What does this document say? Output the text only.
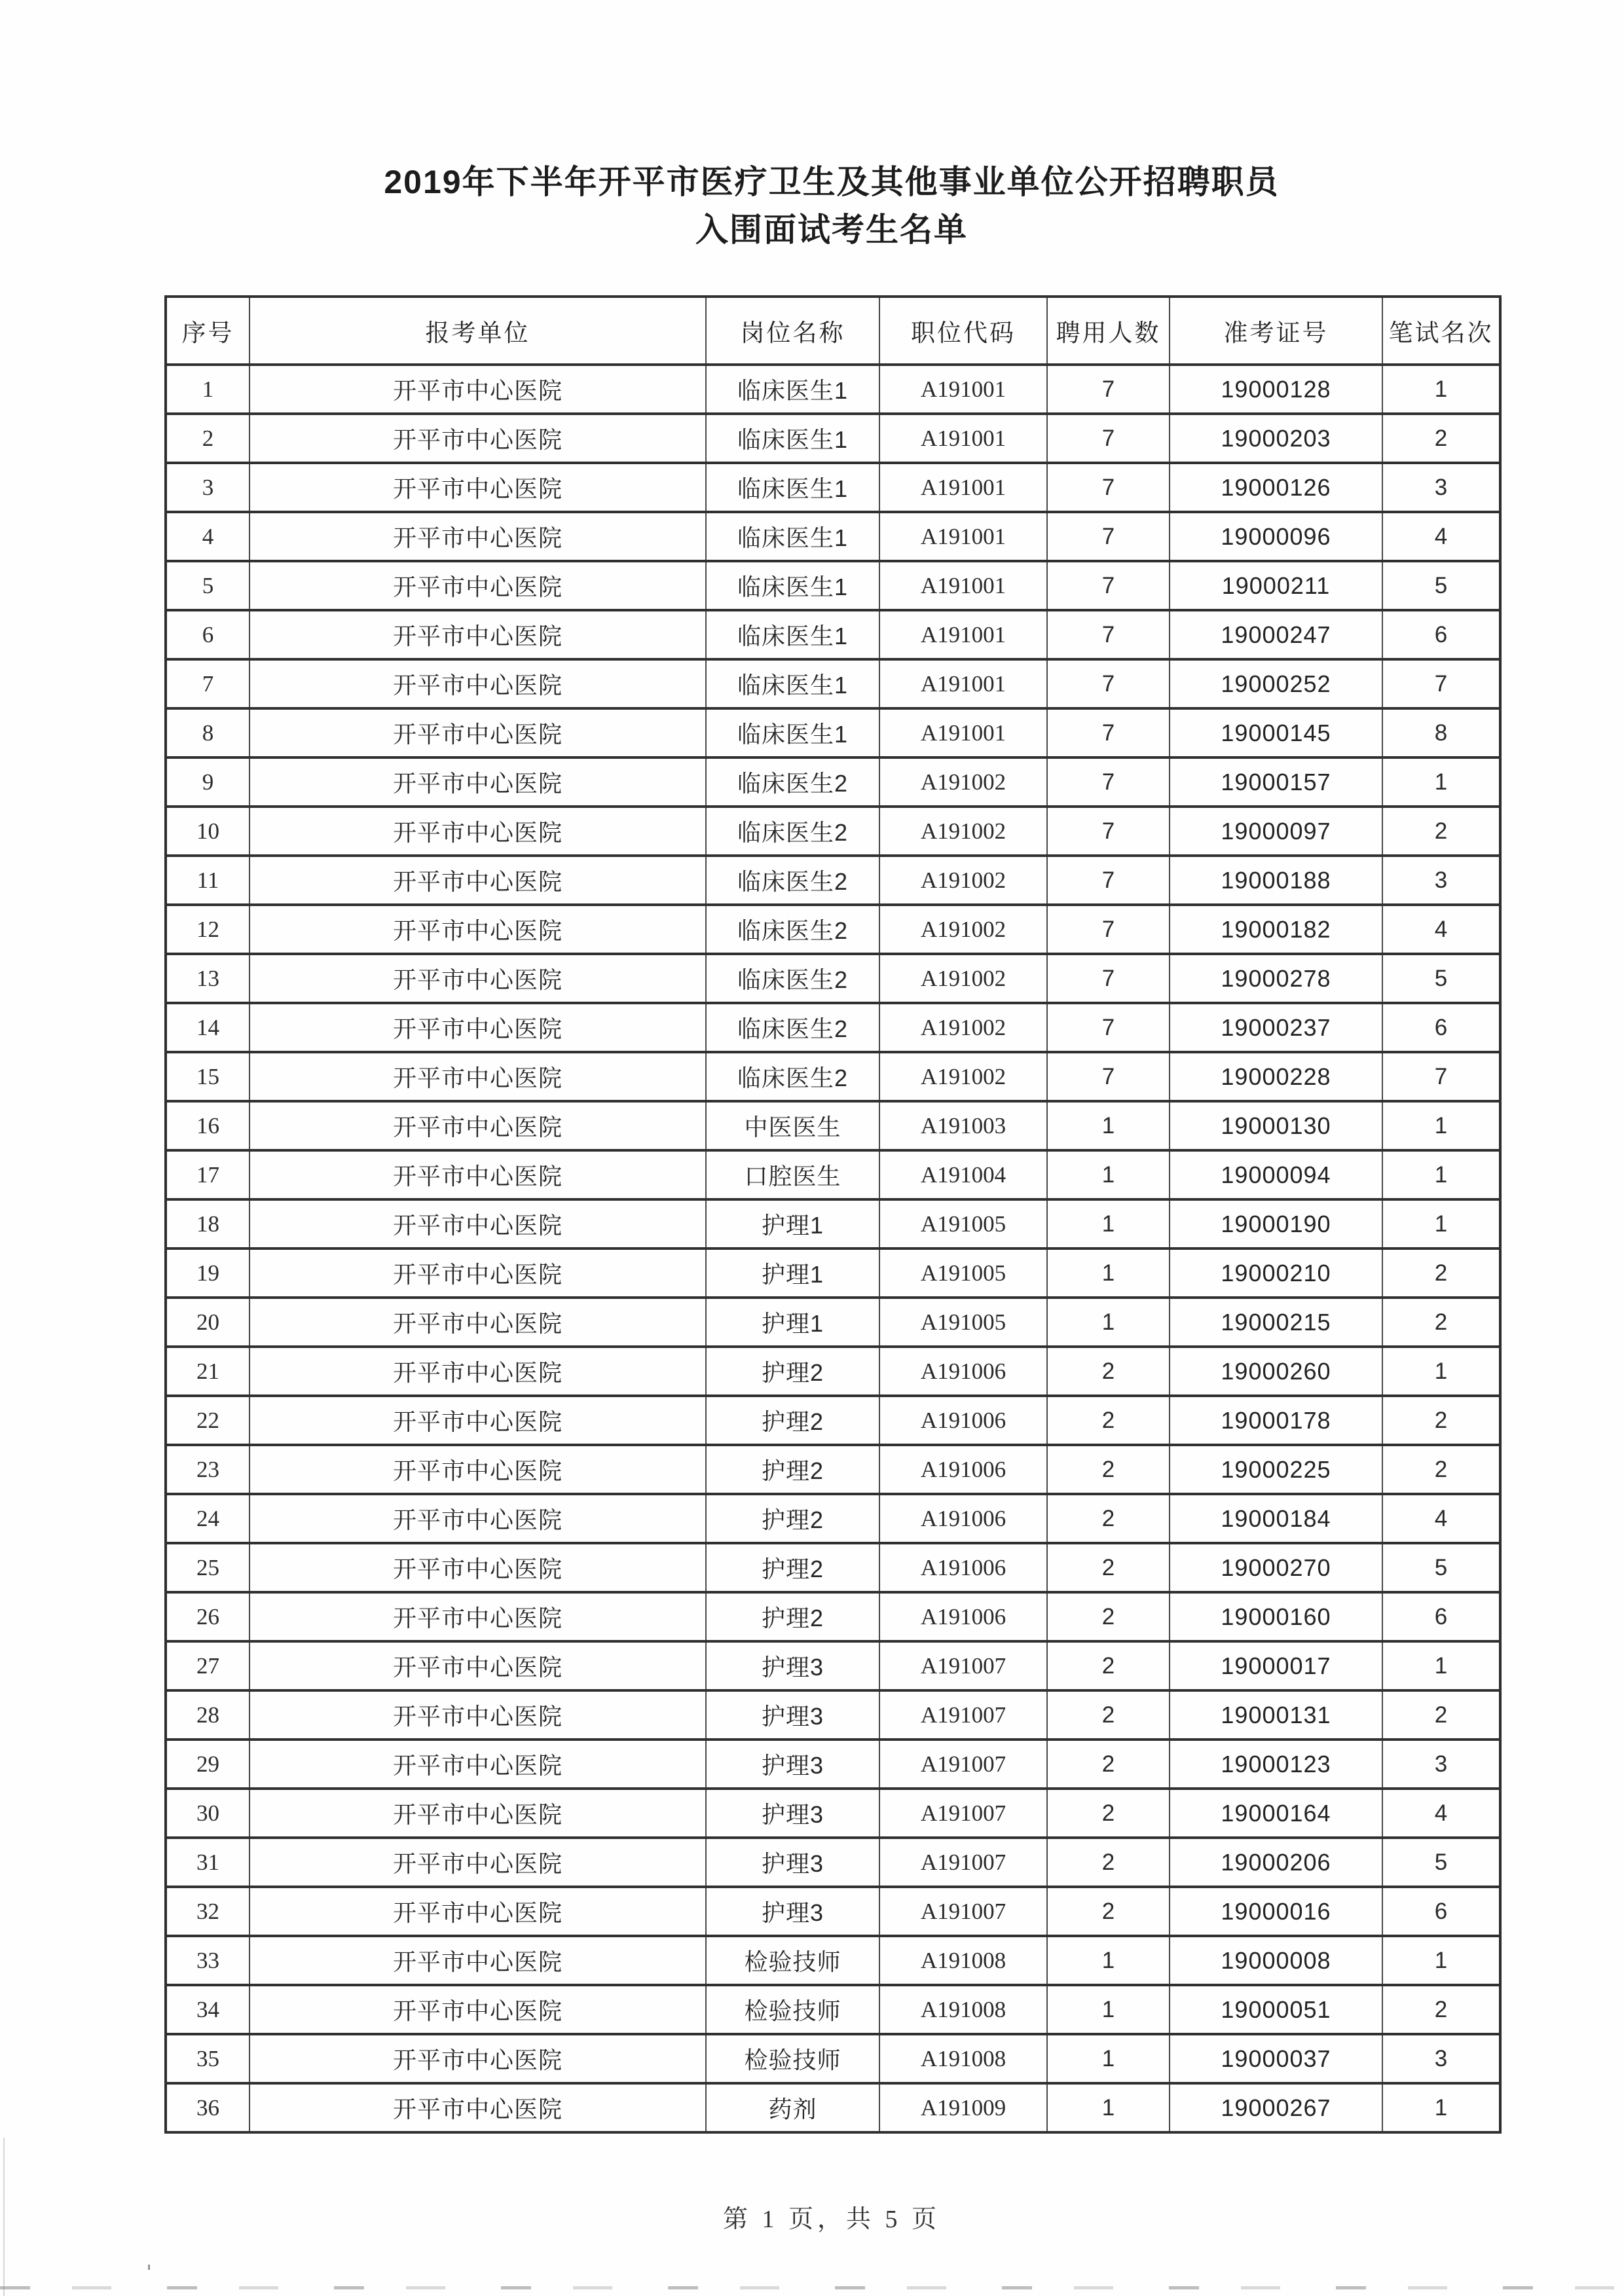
2019年下半年开平市医疗卫生及其他事业单位公开招聘职员
入围面试考生名单
序号	报考单位	岗位名称	职位代码	聘用人数	准考证号	笔试名次
1	开平市中心医院	临床医生1	A191001	7	19000128	1
2	开平市中心医院	临床医生1	A191001	7	19000203	2
3	开平市中心医院	临床医生1	A191001	7	19000126	3
4	开平市中心医院	临床医生1	A191001	7	19000096	4
5	开平市中心医院	临床医生1	A191001	7	19000211	5
6	开平市中心医院	临床医生1	A191001	7	19000247	6
7	开平市中心医院	临床医生1	A191001	7	19000252	7
8	开平市中心医院	临床医生1	A191001	7	19000145	8
9	开平市中心医院	临床医生2	A191002	7	19000157	1
10	开平市中心医院	临床医生2	A191002	7	19000097	2
11	开平市中心医院	临床医生2	A191002	7	19000188	3
12	开平市中心医院	临床医生2	A191002	7	19000182	4
13	开平市中心医院	临床医生2	A191002	7	19000278	5
14	开平市中心医院	临床医生2	A191002	7	19000237	6
15	开平市中心医院	临床医生2	A191002	7	19000228	7
16	开平市中心医院	中医医生	A191003	1	19000130	1
17	开平市中心医院	口腔医生	A191004	1	19000094	1
18	开平市中心医院	护理1	A191005	1	19000190	1
19	开平市中心医院	护理1	A191005	1	19000210	2
20	开平市中心医院	护理1	A191005	1	19000215	2
21	开平市中心医院	护理2	A191006	2	19000260	1
22	开平市中心医院	护理2	A191006	2	19000178	2
23	开平市中心医院	护理2	A191006	2	19000225	2
24	开平市中心医院	护理2	A191006	2	19000184	4
25	开平市中心医院	护理2	A191006	2	19000270	5
26	开平市中心医院	护理2	A191006	2	19000160	6
27	开平市中心医院	护理3	A191007	2	19000017	1
28	开平市中心医院	护理3	A191007	2	19000131	2
29	开平市中心医院	护理3	A191007	2	19000123	3
30	开平市中心医院	护理3	A191007	2	19000164	4
31	开平市中心医院	护理3	A191007	2	19000206	5
32	开平市中心医院	护理3	A191007	2	19000016	6
33	开平市中心医院	检验技师	A191008	1	19000008	1
34	开平市中心医院	检验技师	A191008	1	19000051	2
35	开平市中心医院	检验技师	A191008	1	19000037	3
36	开平市中心医院	药剂	A191009	1	19000267	1
第 1 页，共 5 页
